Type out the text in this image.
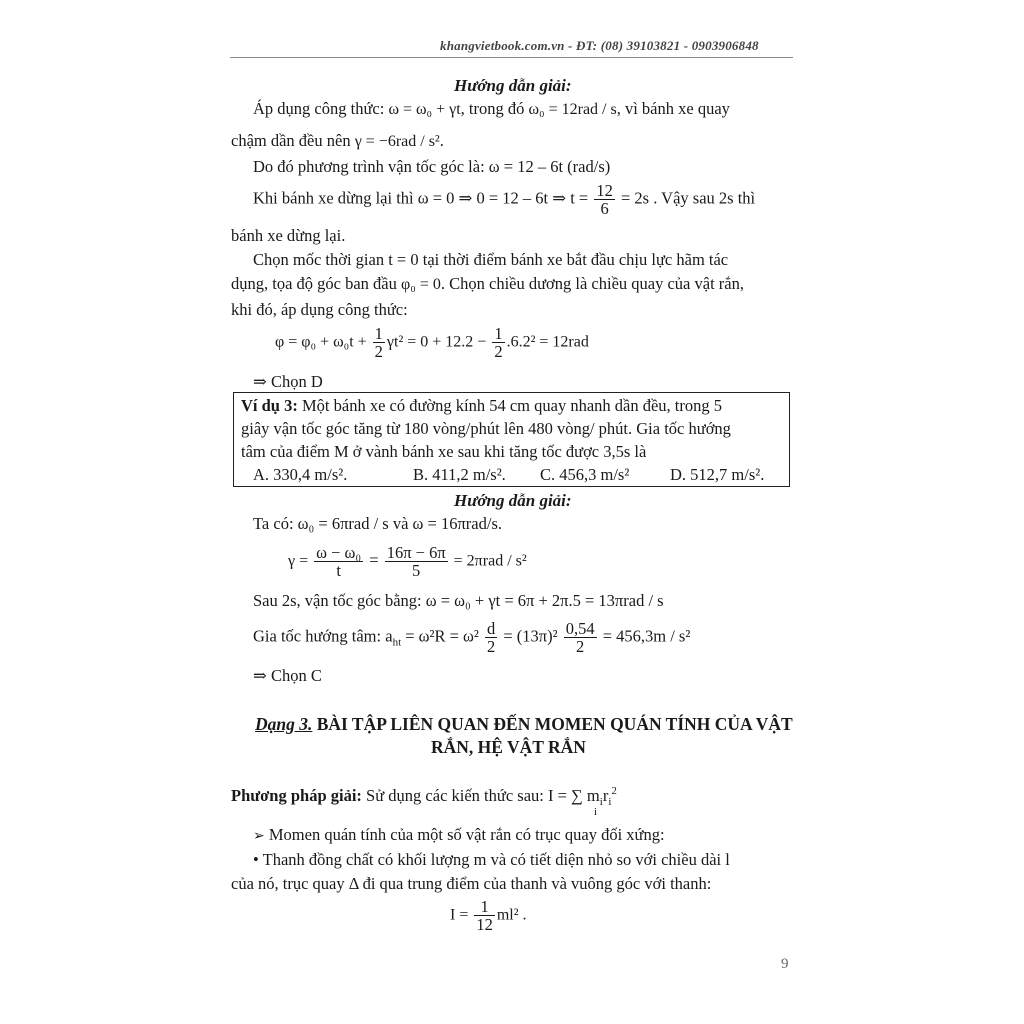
khangvietbook.com.vn - ĐT: (08) 39103821 - 0903906848
Hướng dẫn giải:
Áp dụng công thức: ω = ω₀ + γt, trong đó ω₀ = 12rad / s, vì bánh xe quay
chậm dần đều nên γ = −6rad / s².
Do đó phương trình vận tốc góc là: ω = 12 – 6t (rad/s)
Khi bánh xe dừng lại thì ω = 0 ⇒ 0 = 12 – 6t ⇒ $t = \frac{12}{6} = 2s$ . Vậy sau 2s thì
bánh xe dừng lại.
Chọn mốc thời gian t = 0 tại thời điểm bánh xe bắt đầu chịu lực hãm tác
dụng, tọa độ góc ban đầu φ₀ = 0. Chọn chiều dương là chiều quay của vật rắn,
khi đó, áp dụng công thức:
$\varphi = \varphi_0 + \omega_0t + \frac{1}{2} \gamma t^2 = 0 + 12.2 - \frac{1}{2} .6.2^2 = 12rad$
⇒ Chọn D
Ví dụ 3: Một bánh xe có đường kính 54 cm quay nhanh dần đều, trong 5
giây vận tốc góc tăng từ 180 vòng/phút lên 480 vòng/ phút. Gia tốc hướng
tâm của điểm M ở vành bánh xe sau khi tăng tốc được 3,5s là
A. 330,4 m/s².	B. 411,2 m/s². C. 456,3 m/s² D. 512,7 m/s².
Hướng dẫn giải:
Ta có: ω₀ = 6πrad / s và ω = 16πrad/s.
$\gamma = \frac{\text{ω − ω₀}}{t} = \frac{16\pi - 6\pi}{5} = 2\pi rad / s^2$
Sau 2s, vận tốc góc bằng: ω = ω₀ + γt = 6π + 2π.5 = 13πrad / s
Gia tốc hướng tâm: $a_{ht} = \omega^2R = \omega^2 \frac{d}{2} = (13\pi)^2 \frac{0,54}{2} = 456,3m / s^2$
⇒ Chọn C
Dạng 3. BÀI TẬP LIÊN QUAN ĐẾN MOMEN QUÁN TÍNH CỦA VẬT
RẮN, HỆ VẬT RẮN
Phương pháp giải: Sử dụng các kiến thức sau: I = ∑ $m_ir_i^2$
i
➢ Momen quán tính của một số vật rắn có trục quay đối xứng:
• Thanh đồng chất có khối lượng m và có tiết diện nhỏ so với chiều dài l
của nó, trục quay Δ đi qua trung điểm của thanh và vuông góc với thanh:
$I = \frac{1}{12} ml^2$ .
9
